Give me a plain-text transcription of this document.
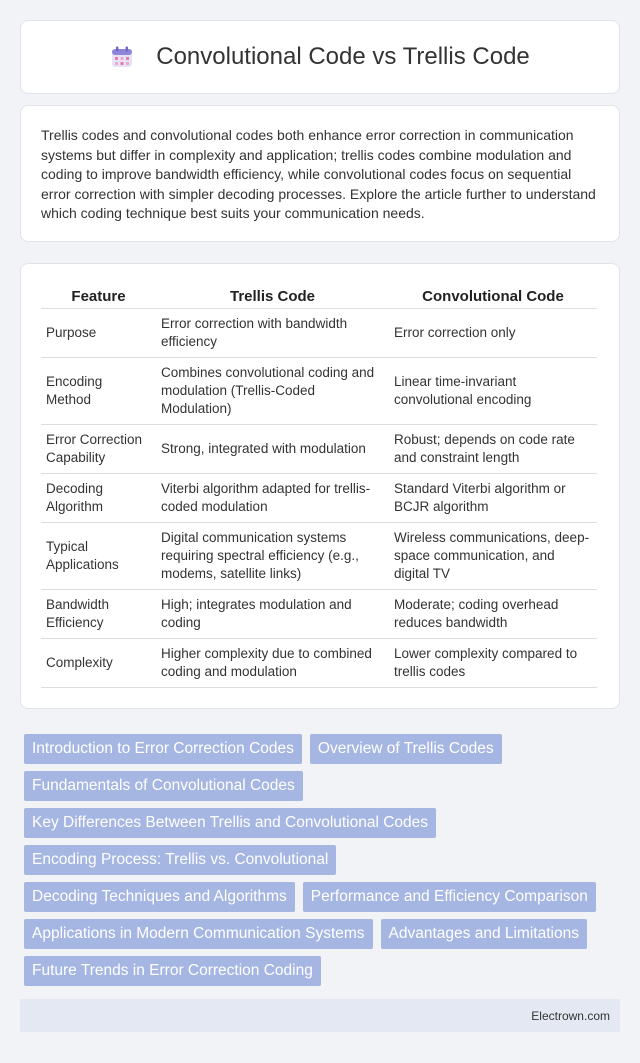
Convolutional Code vs Trellis Code

Trellis codes and convolutional codes both enhance error correction in communication systems but differ in complexity and application; trellis codes combine modulation and coding to improve bandwidth efficiency, while convolutional codes focus on sequential error correction with simpler decoding processes. Explore the article further to understand which coding technique best suits your communication needs.

Feature	Trellis Code	Convolutional Code
Purpose	Error correction with bandwidth efficiency	Error correction only
Encoding Method	Combines convolutional coding and modulation (Trellis-Coded Modulation)	Linear time-invariant convolutional encoding
Error Correction Capability	Strong, integrated with modulation	Robust; depends on code rate and constraint length
Decoding Algorithm	Viterbi algorithm adapted for trellis-coded modulation	Standard Viterbi algorithm or BCJR algorithm
Typical Applications	Digital communication systems requiring spectral efficiency (e.g., modems, satellite links)	Wireless communications, deep-space communication, and digital TV
Bandwidth Efficiency	High; integrates modulation and coding	Moderate; coding overhead reduces bandwidth
Complexity	Higher complexity due to combined coding and modulation	Lower complexity compared to trellis codes
Introduction to Error Correction Codes	Overview of Trellis Codes
Fundamentals of Convolutional Codes
Key Differences Between Trellis and Convolutional Codes
Encoding Process: Trellis vs. Convolutional
Decoding Techniques and Algorithms	Performance and Efficiency Comparison
Applications in Modern Communication Systems	Advantages and Limitations
Future Trends in Error Correction Coding
Electrown.com
